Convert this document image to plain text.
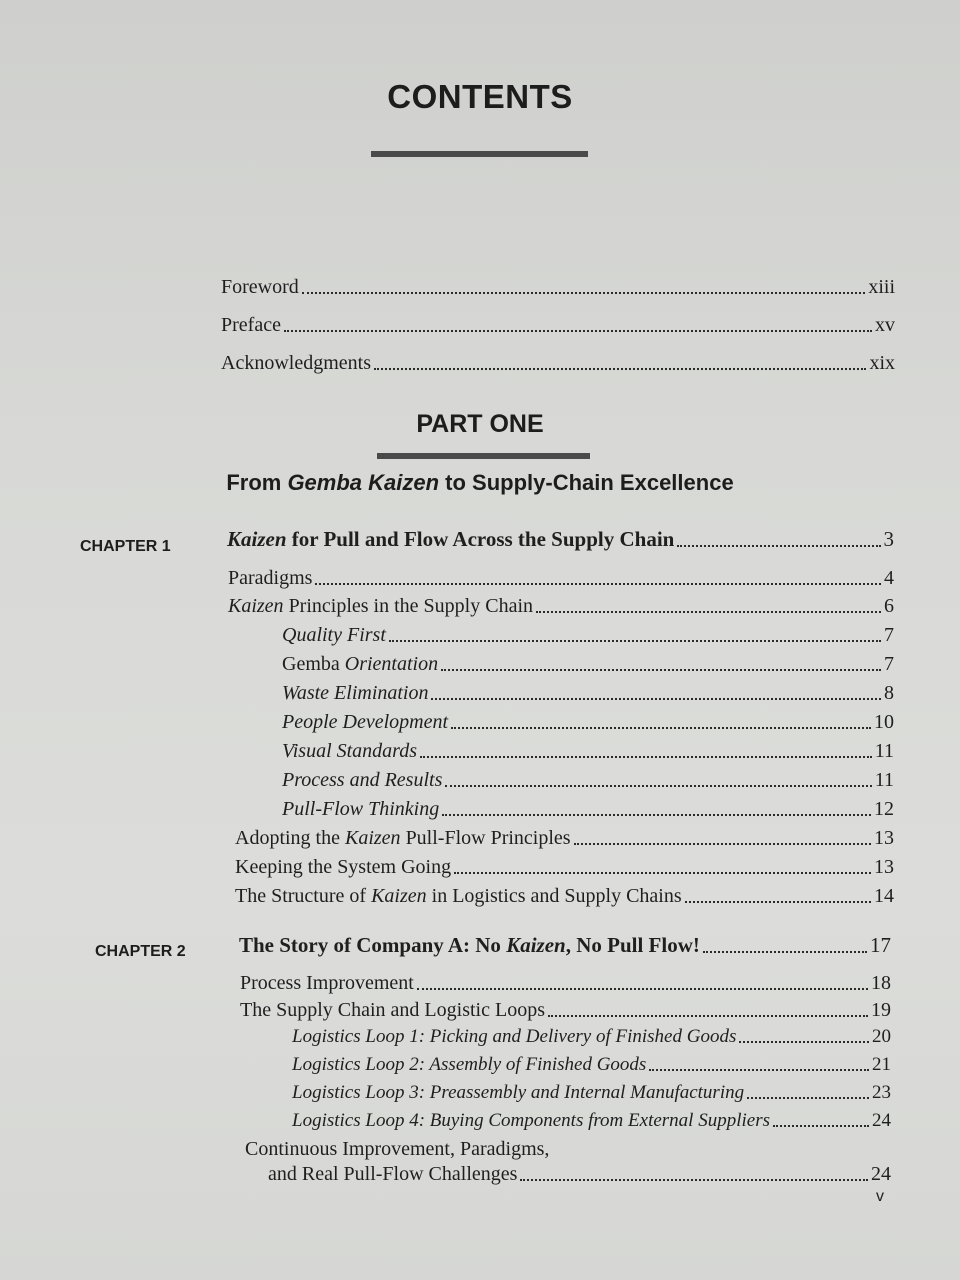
CONTENTS
Foreword	xiii
Preface	xv
Acknowledgments	xix
PART ONE
From Gemba Kaizen to Supply-Chain Excellence
CHAPTER 1	Kaizen for Pull and Flow Across the Supply Chain	3
Paradigms	4
Kaizen Principles in the Supply Chain	6
Quality First	7
Gemba Orientation	7
Waste Elimination	8
People Development	10
Visual Standards	11
Process and Results	11
Pull-Flow Thinking	12
Adopting the Kaizen Pull-Flow Principles	13
Keeping the System Going	13
The Structure of Kaizen in Logistics and Supply Chains	14
CHAPTER 2	The Story of Company A: No Kaizen, No Pull Flow!	17
Process Improvement	18
The Supply Chain and Logistic Loops	19
Logistics Loop 1: Picking and Delivery of Finished Goods	20
Logistics Loop 2: Assembly of Finished Goods	21
Logistics Loop 3: Preassembly and Internal Manufacturing	23
Logistics Loop 4: Buying Components from External Suppliers	24
Continuous Improvement, Paradigms,
and Real Pull-Flow Challenges	24
v
